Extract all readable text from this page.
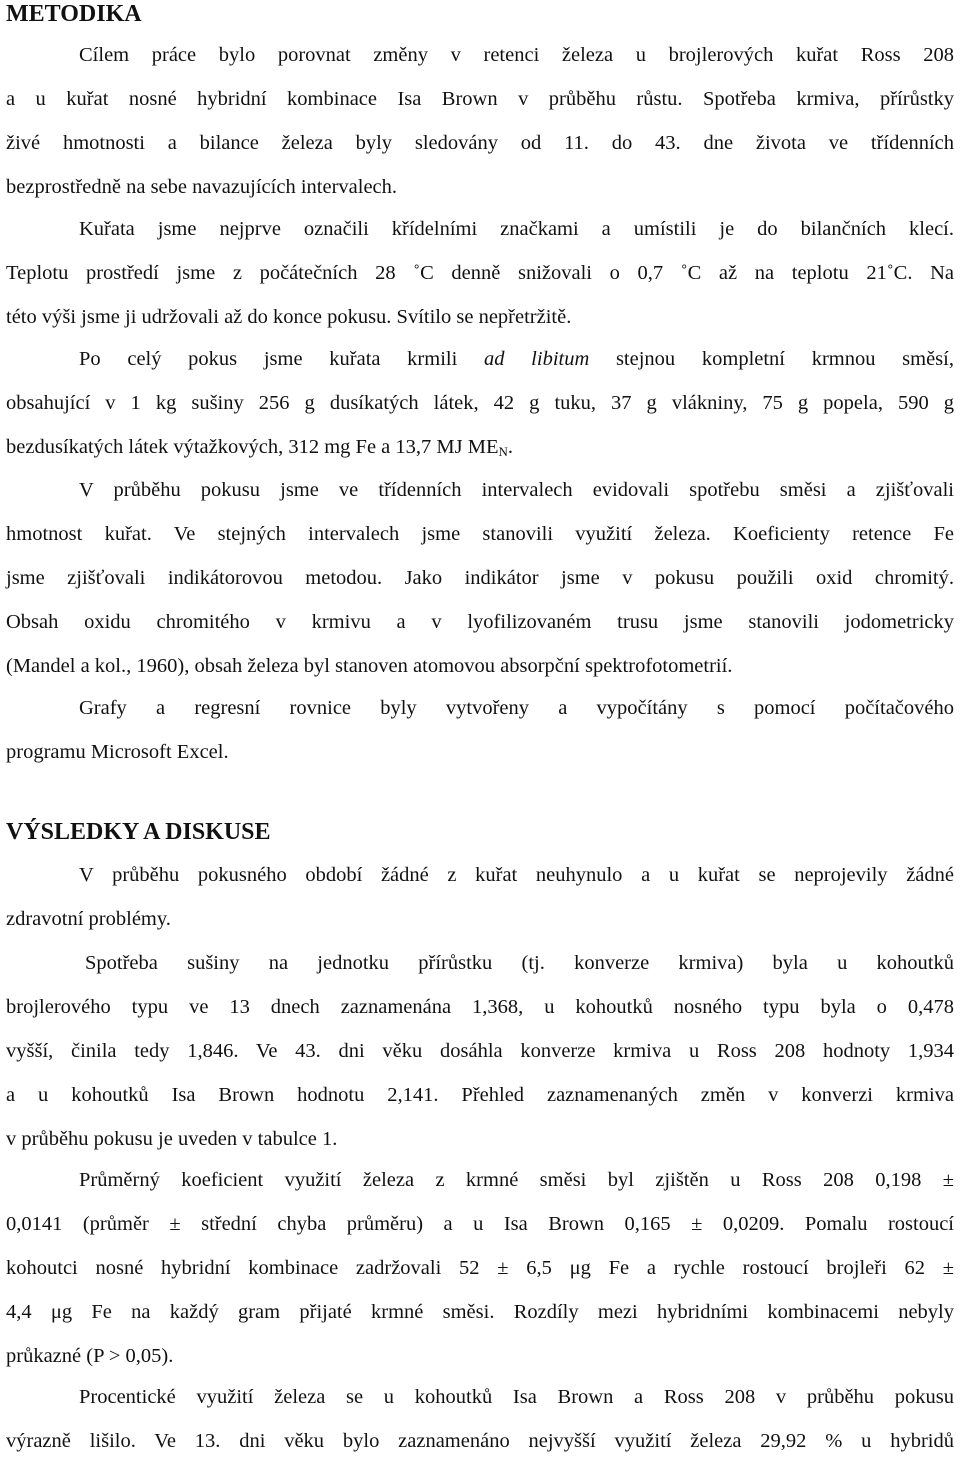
METODIKA
Cílem práce bylo porovnat změny v retenci železa u brojlerových kuřat Ross 208
a u kuřat nosné hybridní kombinace Isa Brown v průběhu růstu. Spotřeba krmiva, přírůstky
živé hmotnosti a bilance železa byly sledovány od 11. do 43. dne života ve třídenních
bezprostředně na sebe navazujících intervalech.
Kuřata jsme nejprve označili křídelními značkami a umístili je do bilančních klecí.
Teplotu prostředí jsme z počátečních 28 ˚C denně snižovali o 0,7 ˚C až na teplotu 21˚C. Na
této výši jsme ji udržovali až do konce pokusu. Svítilo se nepřetržitě.
Po celý pokus jsme kuřata krmili ad libitum stejnou kompletní krmnou směsí,
obsahující v 1 kg sušiny 256 g dusíkatých látek, 42 g tuku, 37 g vlákniny, 75 g popela, 590 g
bezdusíkatých látek výtažkových, 312 mg Fe a 13,7 MJ $ME_N$.
V průběhu pokusu jsme ve třídenních intervalech evidovali spotřebu směsi a zjišťovali
hmotnost kuřat. Ve stejných intervalech jsme stanovili využití železa. Koeficienty retence Fe
jsme zjišťovali indikátorovou metodou. Jako indikátor jsme v pokusu použili oxid chromitý.
Obsah oxidu chromitého v krmivu a v lyofilizovaném trusu jsme stanovili jodometricky
(Mandel a kol., 1960), obsah železa byl stanoven atomovou absorpční spektrofotometrií.
Grafy a regresní rovnice byly vytvořeny a vypočítány s pomocí počítačového
programu Microsoft Excel.
VÝSLEDKY A DISKUSE
V průběhu pokusného období žádné z kuřat neuhynulo a u kuřat se neprojevily žádné
zdravotní problémy.
Spotřeba sušiny na jednotku přírůstku (tj. konverze krmiva) byla u kohoutků
brojlerového typu ve 13 dnech zaznamenána 1,368, u kohoutků nosného typu byla o 0,478
vyšší, činila tedy 1,846. Ve 43. dni věku dosáhla konverze krmiva u Ross 208 hodnoty 1,934
a u kohoutků Isa Brown hodnotu 2,141. Přehled zaznamenaných změn v konverzi krmiva
v průběhu pokusu je uveden v tabulce 1.
Průměrný koeficient využití železa z krmné směsi byl zjištěn u Ross 208 0,198 ±
0,0141 (průměr ± střední chyba průměru) a u Isa Brown 0,165 ± 0,0209. Pomalu rostoucí
kohoutci nosné hybridní kombinace zadržovali 52 ± 6,5 μg Fe a rychle rostoucí brojleři 62 ±
4,4 μg Fe na každý gram přijaté krmné směsi. Rozdíly mezi hybridními kombinacemi nebyly
průkazné (P > 0,05).
Procentické využití železa se u kohoutků Isa Brown a Ross 208 v průběhu pokusu
výrazně lišilo. Ve 13. dni věku bylo zaznamenáno nejvyšší využití železa 29,92 % u hybridů
